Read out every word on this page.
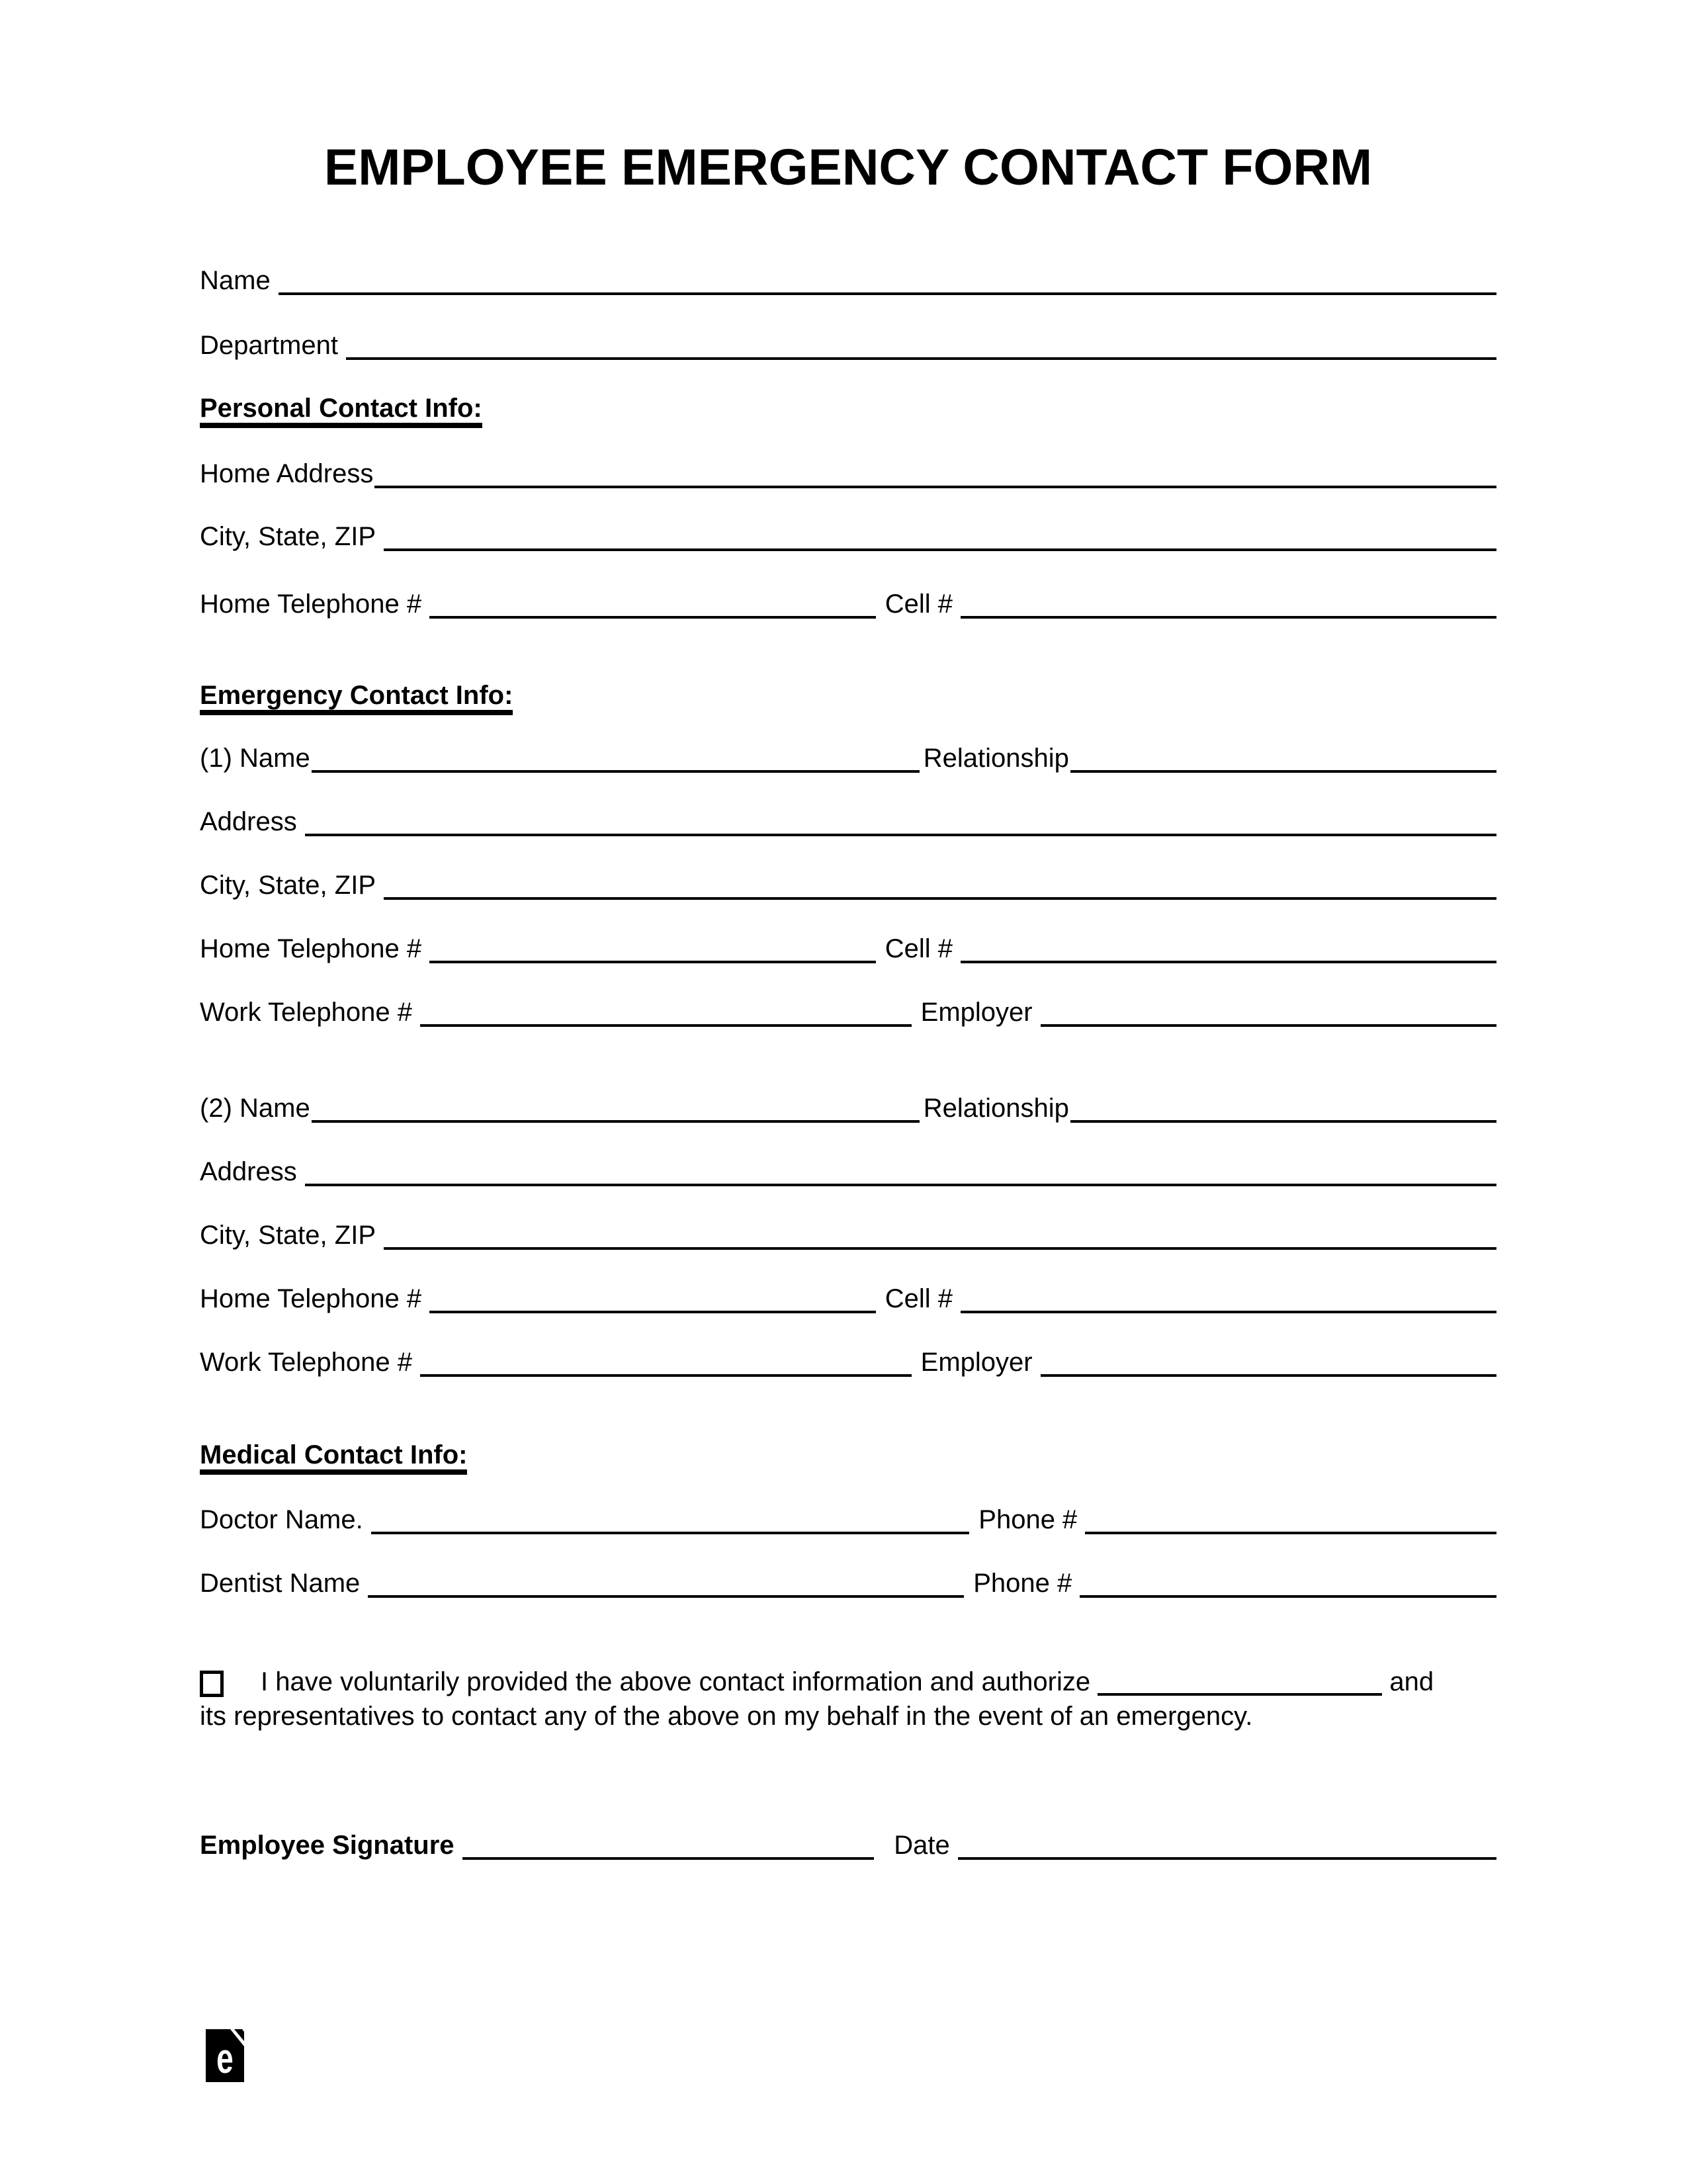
EMPLOYEE EMERGENCY CONTACT FORM
Name
Department
Personal Contact Info:
Home Address
City, State, ZIP
Home Telephone #	Cell #
Emergency Contact Info:
(1) Name	Relationship
Address
City, State, ZIP
Home Telephone #	Cell #
Work Telephone #	Employer
(2) Name	Relationship
Address
City, State, ZIP
Home Telephone #	Cell #
Work Telephone #	Employer
Medical Contact Info:
Doctor Name.	Phone #
Dentist Name	Phone #

I have voluntarily provided the above contact information and authorize	and
its representatives to contact any of the above on my behalf in the event of an emergency.

Employee Signature	Date
e
